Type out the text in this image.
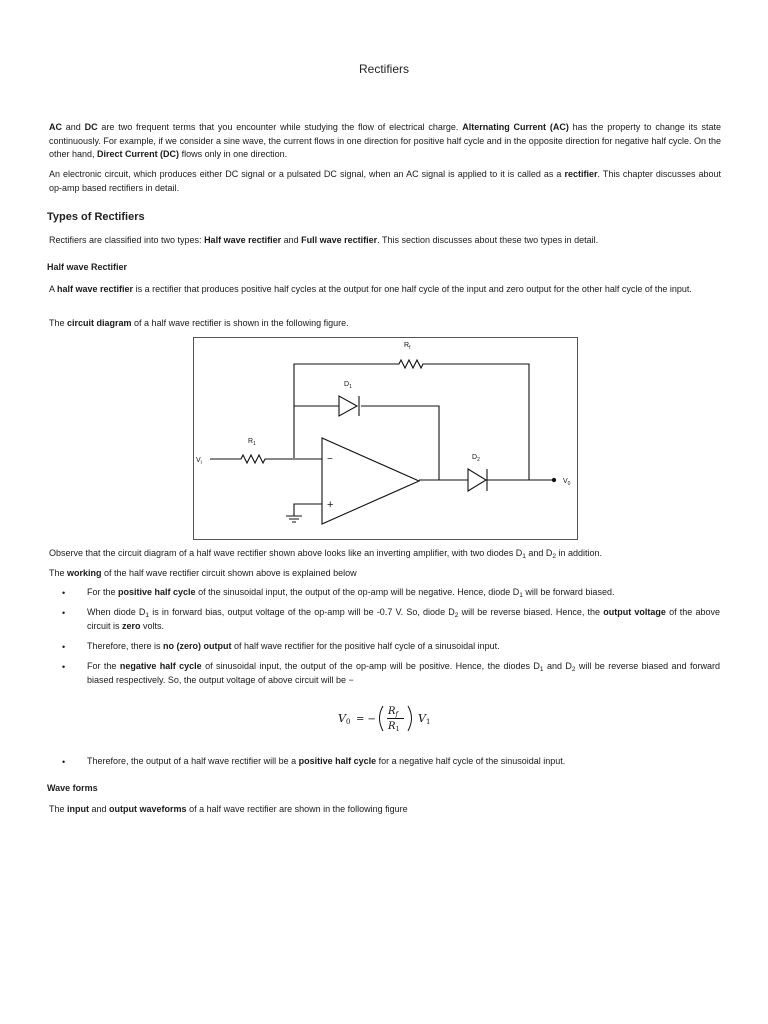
Rectifiers

AC and DC are two frequent terms that you encounter while studying the flow of electrical charge. Alternating Current (AC) has the property to change its state continuously. For example, if we consider a sine wave, the current flows in one direction for positive half cycle and in the opposite direction for negative half cycle. On the other hand, Direct Current (DC) flows only in one direction.

An electronic circuit, which produces either DC signal or a pulsated DC signal, when an AC signal is applied to it is called as a rectifier. This chapter discusses about op-amp based rectifiers in detail.

Types of Rectifiers

Rectifiers are classified into two types: Half wave rectifier and Full wave rectifier. This section discusses about these two types in detail.

Half wave Rectifier

A half wave rectifier is a rectifier that produces positive half cycles at the output for one half cycle of the input and zero output for the other half cycle of the input.

The circuit diagram of a half wave rectifier is shown in the following figure.

$R_f$
$D_1$
$R_1$
$V_i$	−
+
$D_2$
$V_0$

Observe that the circuit diagram of a half wave rectifier shown above looks like an inverting amplifier, with two diodes $D_1$ and $D_2$ in addition.

The working of the half wave rectifier circuit shown above is explained below

• For the positive half cycle of the sinusoidal input, the output of the op-amp will be negative. Hence, diode $D_1$ will be forward biased.

• When diode $D_1$ is in forward bias, output voltage of the op-amp will be -0.7 V. So, diode $D_2$ will be reverse biased. Hence, the output voltage of the above circuit is zero volts.

• Therefore, there is no (zero) output of half wave rectifier for the positive half cycle of a sinusoidal input.

• For the negative half cycle of sinusoidal input, the output of the op-amp will be positive. Hence, the diodes $D_1$ and $D_2$ will be reverse biased and forward biased respectively. So, the output voltage of above circuit will be −

V0 = −
$R_f$
$R_1$
V1
• Therefore, the output of a half wave rectifier will be a positive half cycle for a negative half cycle of the sinusoidal input.

Wave forms

The input and output waveforms of a half wave rectifier are shown in the following figure
